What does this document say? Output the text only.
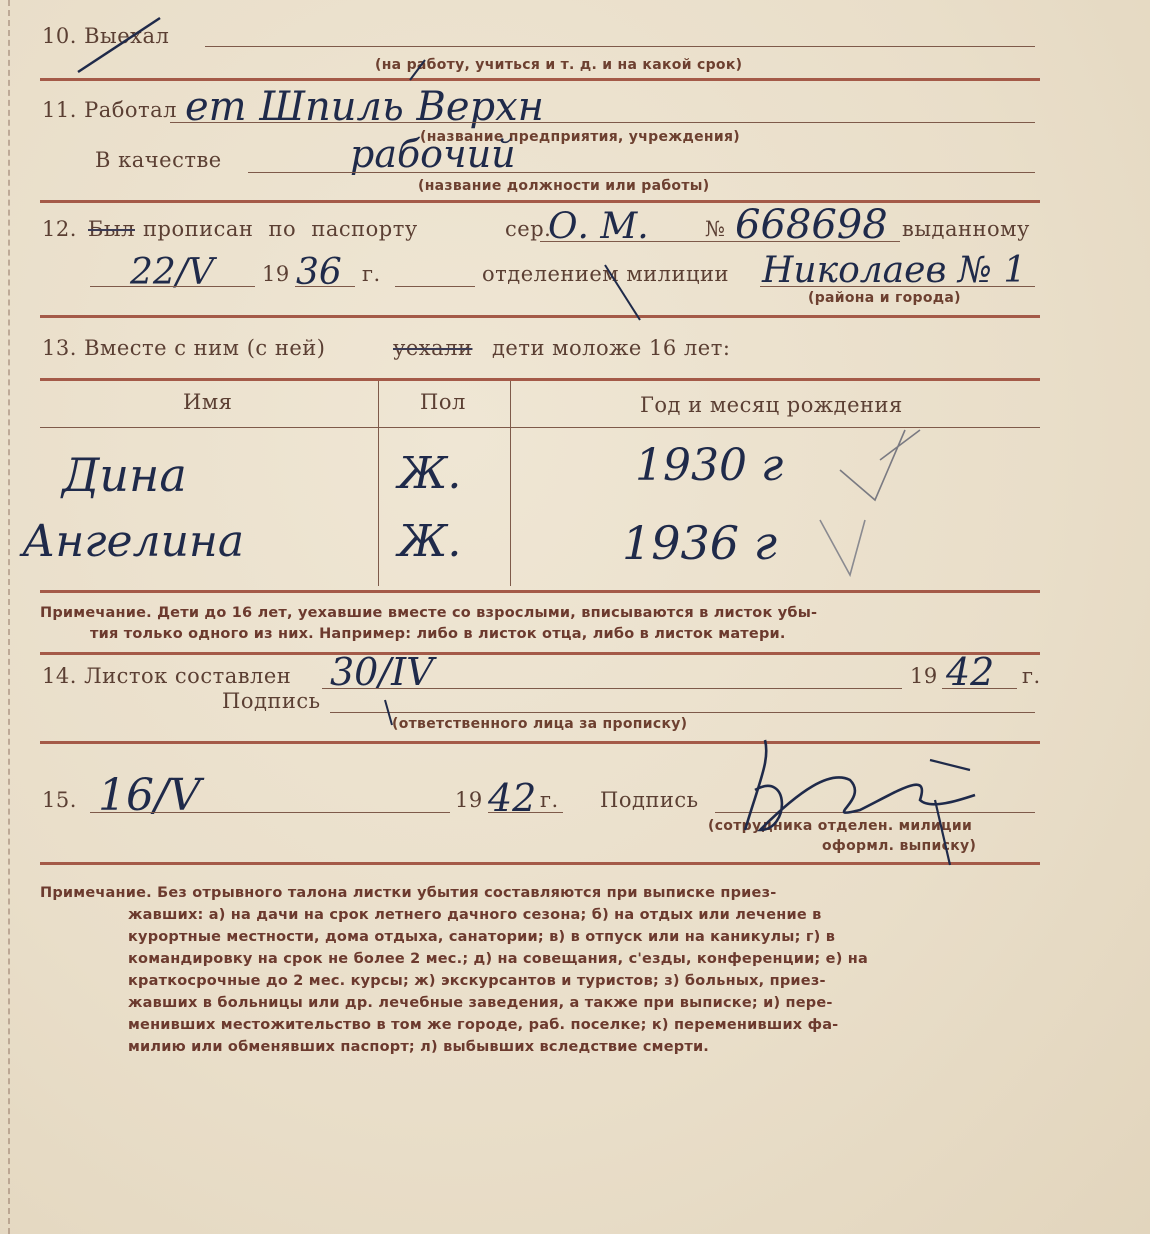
10. Выехал
(на работу, учиться и т. д. и на какой срок)
11. Работал ет Шпиль Верхн
(название предприятия, учреждения)
В качестве	рабочий
(название должности или работы)
12. Был прописан по паспорту	сер.
О. М.	№ 668698 выданному
22/V 19 36 г.	отделением милиции Николаев № 1
(района и города)
13. Вместе с ним (с ней)	уехали дети моложе 16 лет:
Имя	Пол	Год и месяц рождения
Дина	Ж.	1930 г
Ангелина	Ж.	1936 г
Примечание. Дети до 16 лет, уехавшие вместе со взрослыми, вписываются в листок убы-
тия только одного из них. Например: либо в листок отца, либо в листок матери.
14. Листок составлен 30/IV	19 42 г.
Подпись
(ответственного лица за прописку)
15. 16/V	19 42 г. Подпись
(сотрудника отделен. милиции
оформл. выписку)
Примечание. Без отрывного талона листки убытия составляются при выписке приез-
жавших: а) на дачи на срок летнего дачного сезона; б) на отдых или лечение в
курортные местности, дома отдыха, санатории; в) в отпуск или на каникулы; г) в
командировку на срок не более 2 мес.; д) на совещания, с'езды, конференции; е) на
краткосрочные до 2 мес. курсы; ж) экскурсантов и туристов; з) больных, приез-
жавших в больницы или др. лечебные заведения, а также при выписке; и) пере-
менивших местожительство в том же городе, раб. поселке; к) переменивших фа-
милию или обменявших паспорт; л) выбывших вследствие смерти.
